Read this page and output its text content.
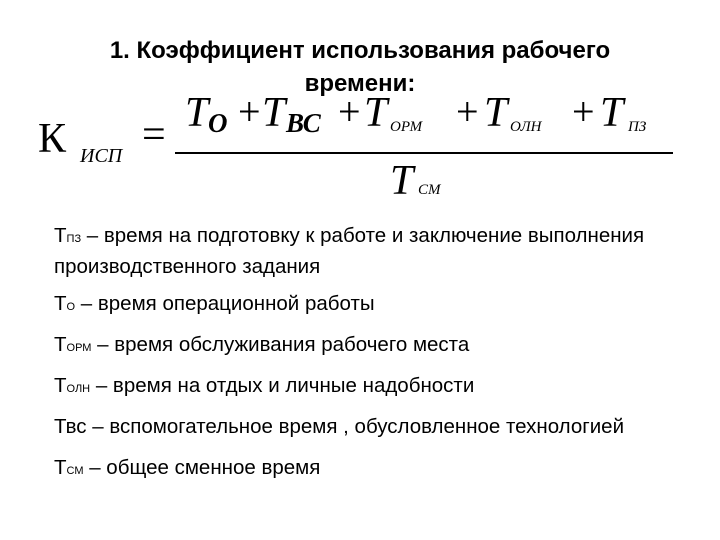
1. Коэффициент использования рабочего
времени:
К ИСП = T О + T ВС + T ОРМ + T ОЛН + T ПЗ
T СМ
ТПЗ – время на подготовку к работе и заключение выполнения производственного задания
ТО – время операционной работы
ТОРМ – время обслуживания рабочего места
ТОЛН – время на отдых и личные надобности
Твс – вспомогательное время , обусловленное технологией
ТСМ – общее сменное время
